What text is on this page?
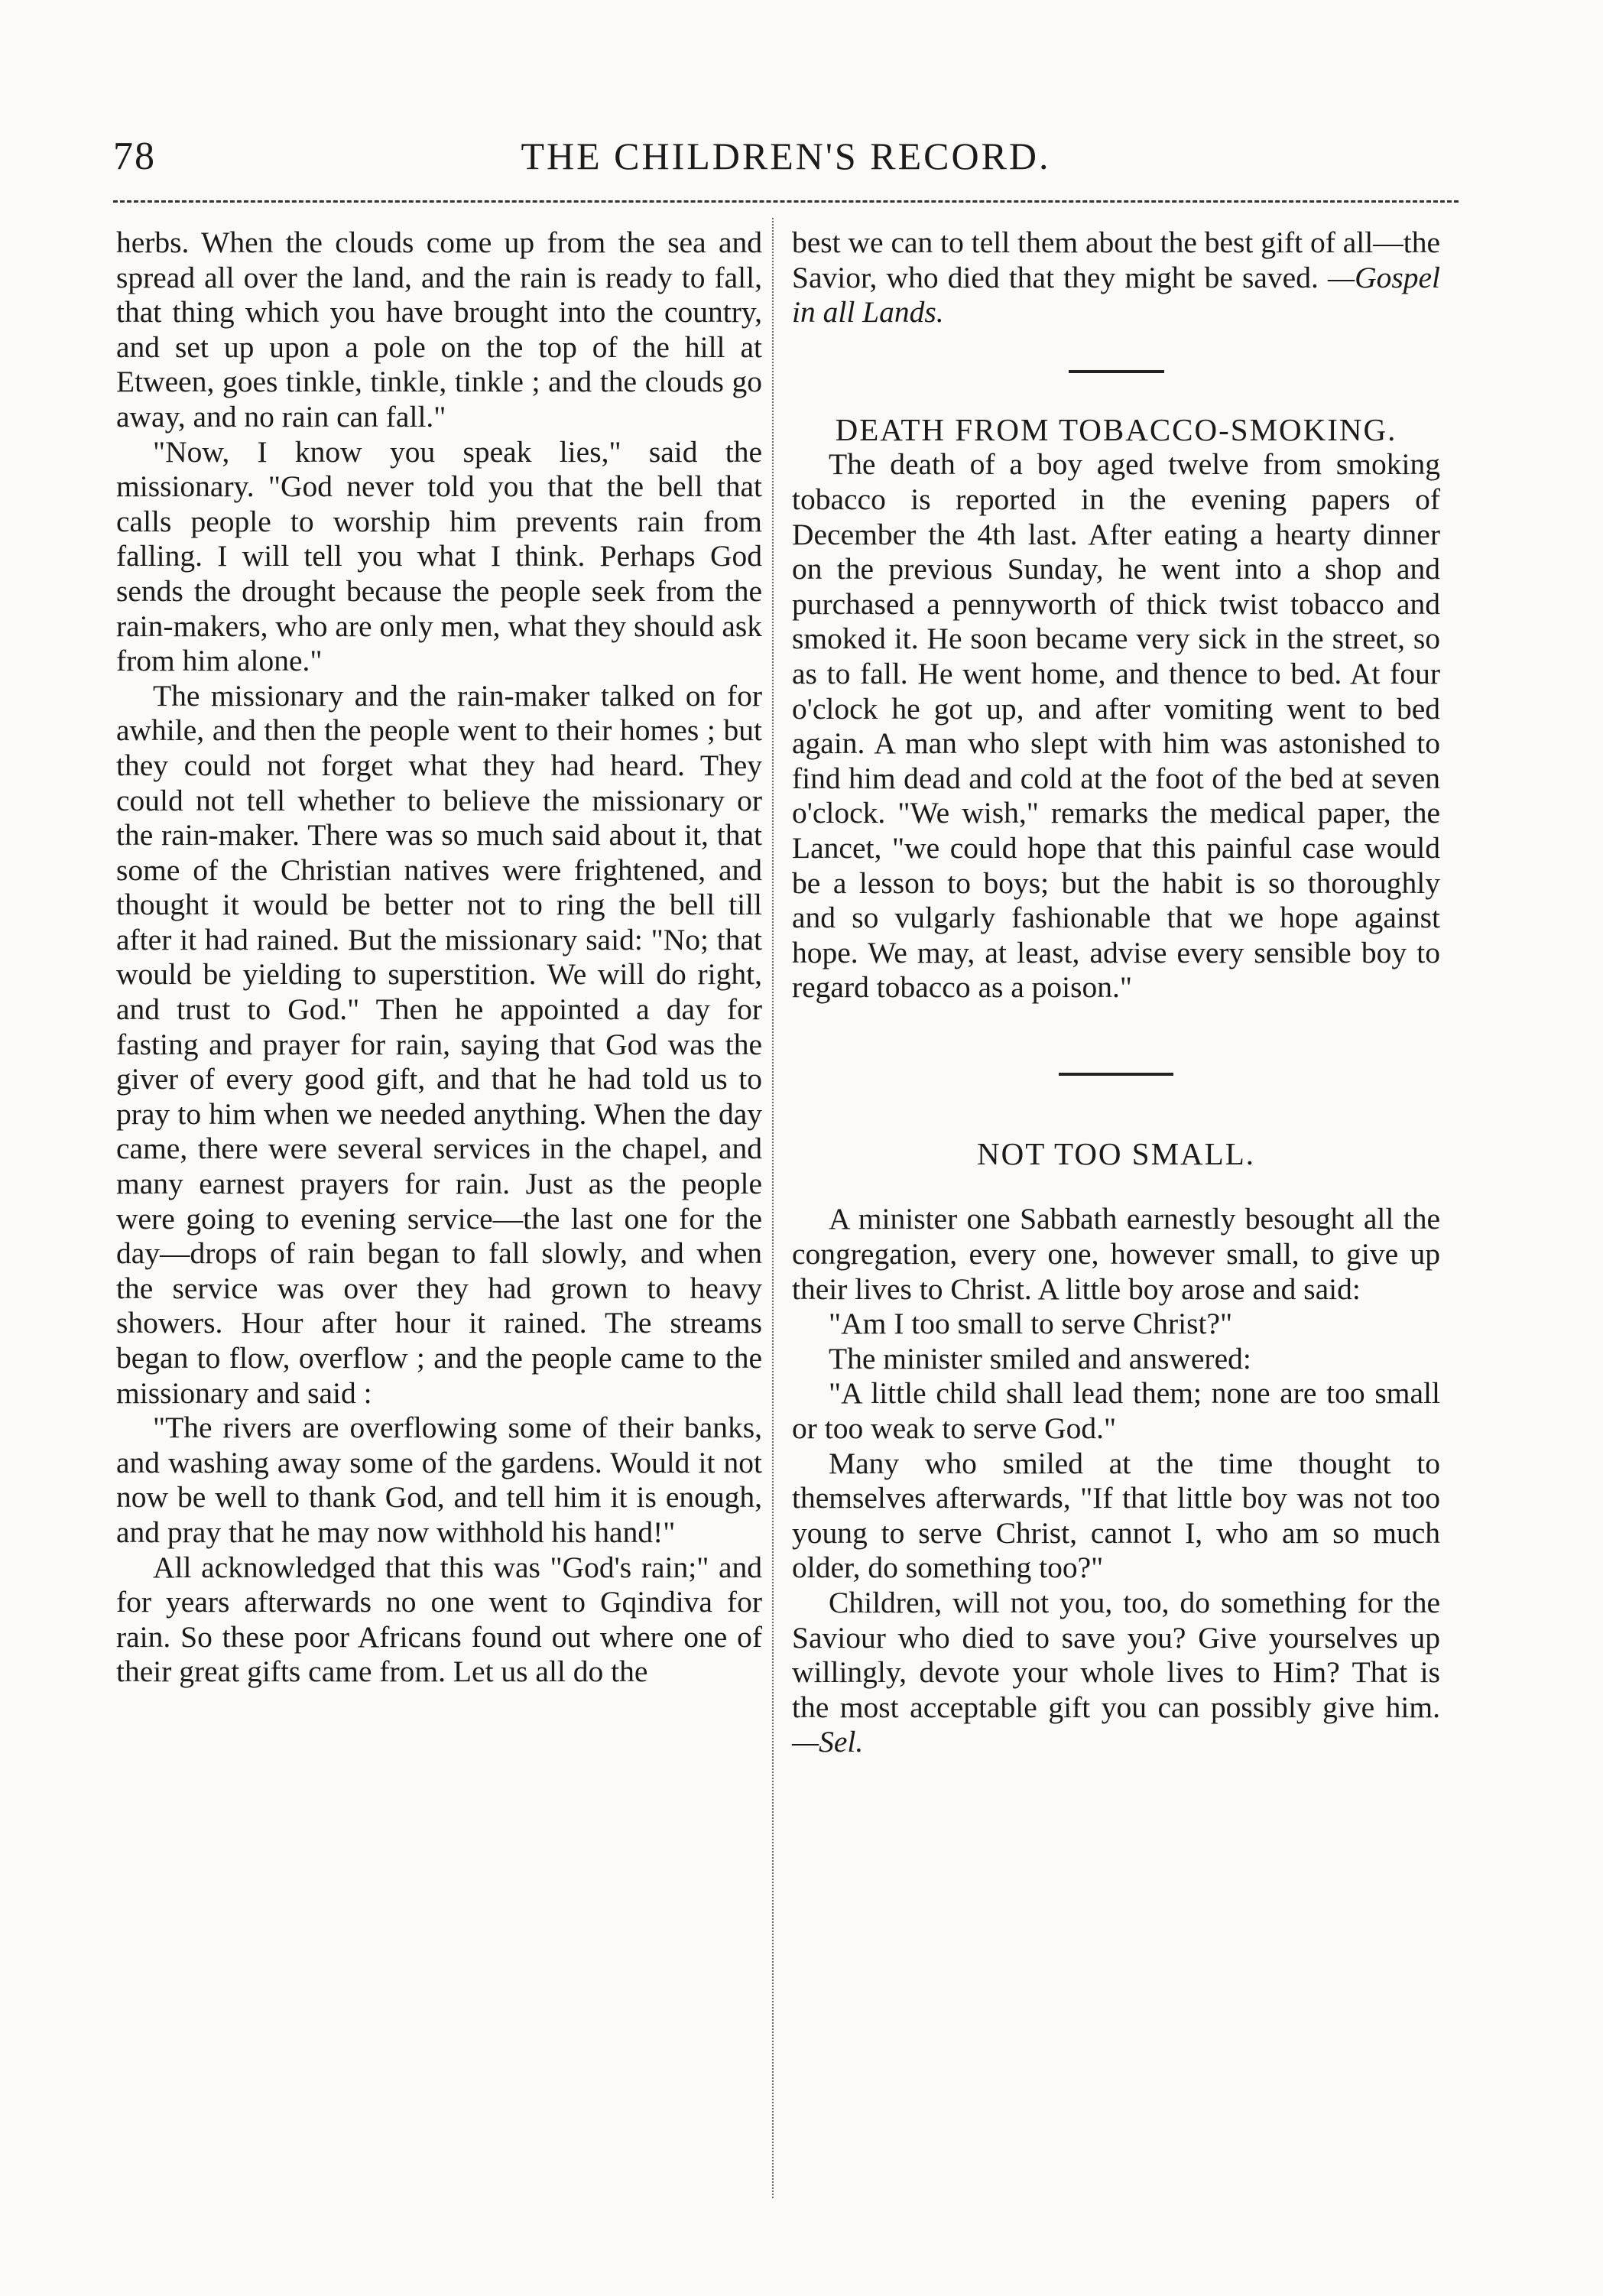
78	THE CHILDREN'S RECORD.

herbs. When the clouds come up from the sea and spread all over the land, and the rain is ready to fall, that thing which you have brought into the country, and set up upon a pole on the top of the hill at Etween, goes tinkle, tinkle, tinkle ; and the clouds go away, and no rain can fall."

"Now, I know you speak lies," said the missionary. "God never told you that the bell that calls people to worship him prevents rain from falling. I will tell you what I think. Perhaps God sends the drought because the people seek from the rain-makers, who are only men, what they should ask from him alone."

The missionary and the rain-maker talked on for awhile, and then the people went to their homes ; but they could not forget what they had heard. They could not tell whether to believe the missionary or the rain-maker. There was so much said about it, that some of the Christian natives were frightened, and thought it would be better not to ring the bell till after it had rained. But the missionary said: "No; that would be yielding to superstition. We will do right, and trust to God." Then he appointed a day for fasting and prayer for rain, saying that God was the giver of every good gift, and that he had told us to pray to him when we needed anything. When the day came, there were several services in the chapel, and many earnest prayers for rain. Just as the people were going to evening service—the last one for the day—drops of rain began to fall slowly, and when the service was over they had grown to heavy showers. Hour after hour it rained. The streams began to flow, overflow ; and the people came to the missionary and said :

"The rivers are overflowing some of their banks, and washing away some of the gardens. Would it not now be well to thank God, and tell him it is enough, and pray that he may now withhold his hand!"

All acknowledged that this was "God's rain;" and for years afterwards no one went to Gqindiva for rain. So these poor Africans found out where one of their great gifts came from. Let us all do the

best we can to tell them about the best gift of all—the Savior, who died that they might be saved. —Gospel in all Lands.

DEATH FROM TOBACCO-SMOKING.

The death of a boy aged twelve from smoking tobacco is reported in the evening papers of December the 4th last. After eating a hearty dinner on the previous Sunday, he went into a shop and purchased a pennyworth of thick twist tobacco and smoked it. He soon became very sick in the street, so as to fall. He went home, and thence to bed. At four o'clock he got up, and after vomiting went to bed again. A man who slept with him was astonished to find him dead and cold at the foot of the bed at seven o'clock. "We wish," remarks the medical paper, the Lancet, "we could hope that this painful case would be a lesson to boys; but the habit is so thoroughly and so vulgarly fashionable that we hope against hope. We may, at least, advise every sensible boy to regard tobacco as a poison."

NOT TOO SMALL.

A minister one Sabbath earnestly besought all the congregation, every one, however small, to give up their lives to Christ. A little boy arose and said:

"Am I too small to serve Christ?"

The minister smiled and answered:

"A little child shall lead them; none are too small or too weak to serve God."

Many who smiled at the time thought to themselves afterwards, "If that little boy was not too young to serve Christ, cannot I, who am so much older, do something too?"

Children, will not you, too, do something for the Saviour who died to save you? Give yourselves up willingly, devote your whole lives to Him? That is the most acceptable gift you can possibly give him. —Sel.
